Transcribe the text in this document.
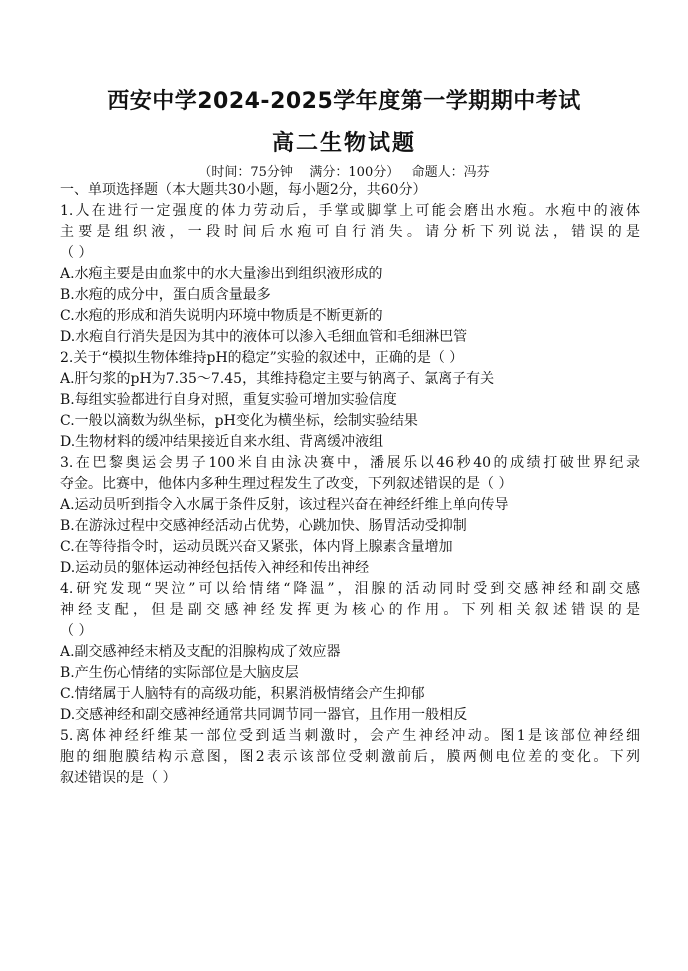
西安中学2024-2025学年度第一学期期中考试
高二生物试题
（时间：75分钟    满分：100分）   命题人：冯芬
一、单项选择题（本大题共30小题，每小题2分，共60分）
1.人在进行一定强度的体力劳动后，手掌或脚掌上可能会磨出水疱。水疱中的液体
主要是组织液，一段时间后水疱可自行消失。请分析下列说法，错误的是
（ ）
A.水疱主要是由血浆中的水大量渗出到组织液形成的
B.水疱的成分中，蛋白质含量最多
C.水疱的形成和消失说明内环境中物质是不断更新的
D.水疱自行消失是因为其中的液体可以渗入毛细血管和毛细淋巴管
2.关于“模拟生物体维持pH的稳定”实验的叙述中，正确的是（ ）
A.肝匀浆的pH为7.35～7.45，其维持稳定主要与钠离子、氯离子有关
B.每组实验都进行自身对照，重复实验可增加实验信度
C.一般以滴数为纵坐标，pH变化为横坐标，绘制实验结果
D.生物材料的缓冲结果接近自来水组、背离缓冲液组
3.在巴黎奥运会男子100米自由泳决赛中，潘展乐以46秒40的成绩打破世界纪录
夺金。比赛中，他体内多种生理过程发生了改变，下列叙述错误的是（ ）
A.运动员听到指令入水属于条件反射，该过程兴奋在神经纤维上单向传导
B.在游泳过程中交感神经活动占优势，心跳加快、肠胃活动受抑制
C.在等待指令时，运动员既兴奋又紧张，体内肾上腺素含量增加
D.运动员的躯体运动神经包括传入神经和传出神经
4.研究发现“哭泣”可以给情绪“降温”，泪腺的活动同时受到交感神经和副交感
神经支配，但是副交感神经发挥更为核心的作用。下列相关叙述错误的是
（ ）
A.副交感神经末梢及支配的泪腺构成了效应器
B.产生伤心情绪的实际部位是大脑皮层
C.情绪属于人脑特有的高级功能，积累消极情绪会产生抑郁
D.交感神经和副交感神经通常共同调节同一器官，且作用一般相反
5.离体神经纤维某一部位受到适当刺激时，会产生神经冲动。图1是该部位神经细
胞的细胞膜结构示意图，图2表示该部位受刺激前后，膜两侧电位差的变化。下列
叙述错误的是（ ）
